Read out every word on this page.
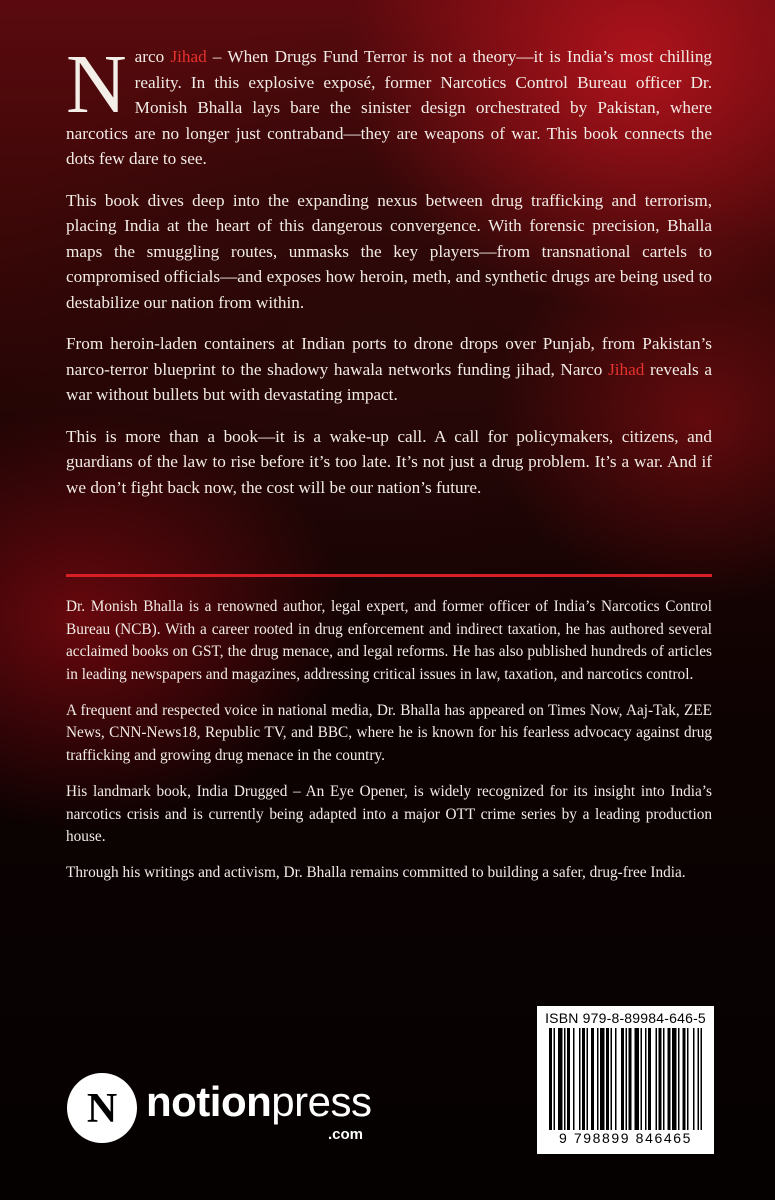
Narco Jihad – When Drugs Fund Terror is not a theory—it is India’s most chilling reality. In this explosive exposé, former Narcotics Control Bureau officer Dr. Monish Bhalla lays bare the sinister design orchestrated by Pakistan, where narcotics are no longer just contraband—they are weapons of war. This book connects the dots few dare to see.

This book dives deep into the expanding nexus between drug trafficking and terrorism, placing India at the heart of this dangerous convergence. With forensic precision, Bhalla maps the smuggling routes, unmasks the key players—from transnational cartels to compromised officials—and exposes how heroin, meth, and synthetic drugs are being used to destabilize our nation from within.

From heroin-laden containers at Indian ports to drone drops over Punjab, from Pakistan’s narco-terror blueprint to the shadowy hawala networks funding jihad, Narco Jihad reveals a war without bullets but with devastating impact.

This is more than a book—it is a wake-up call. A call for policymakers, citizens, and guardians of the law to rise before it’s too late. It’s not just a drug problem. It’s a war. And if we don’t fight back now, the cost will be our nation’s future.

Dr. Monish Bhalla is a renowned author, legal expert, and former officer of India’s Narcotics Control Bureau (NCB). With a career rooted in drug enforcement and indirect taxation, he has authored several acclaimed books on GST, the drug menace, and legal reforms. He has also published hundreds of articles in leading newspapers and magazines, addressing critical issues in law, taxation, and narcotics control.

A frequent and respected voice in national media, Dr. Bhalla has appeared on Times Now, Aaj-Tak, ZEE News, CNN-News18, Republic TV, and BBC, where he is known for his fearless advocacy against drug trafficking and growing drug menace in the country.

His landmark book, India Drugged – An Eye Opener, is widely recognized for its insight into India’s narcotics crisis and is currently being adapted into a major OTT crime series by a leading production house.

Through his writings and activism, Dr. Bhalla remains committed to building a safer, drug-free India.

N notionpress
.com
ISBN 979-8-89984-646-5
9 798899 846465
